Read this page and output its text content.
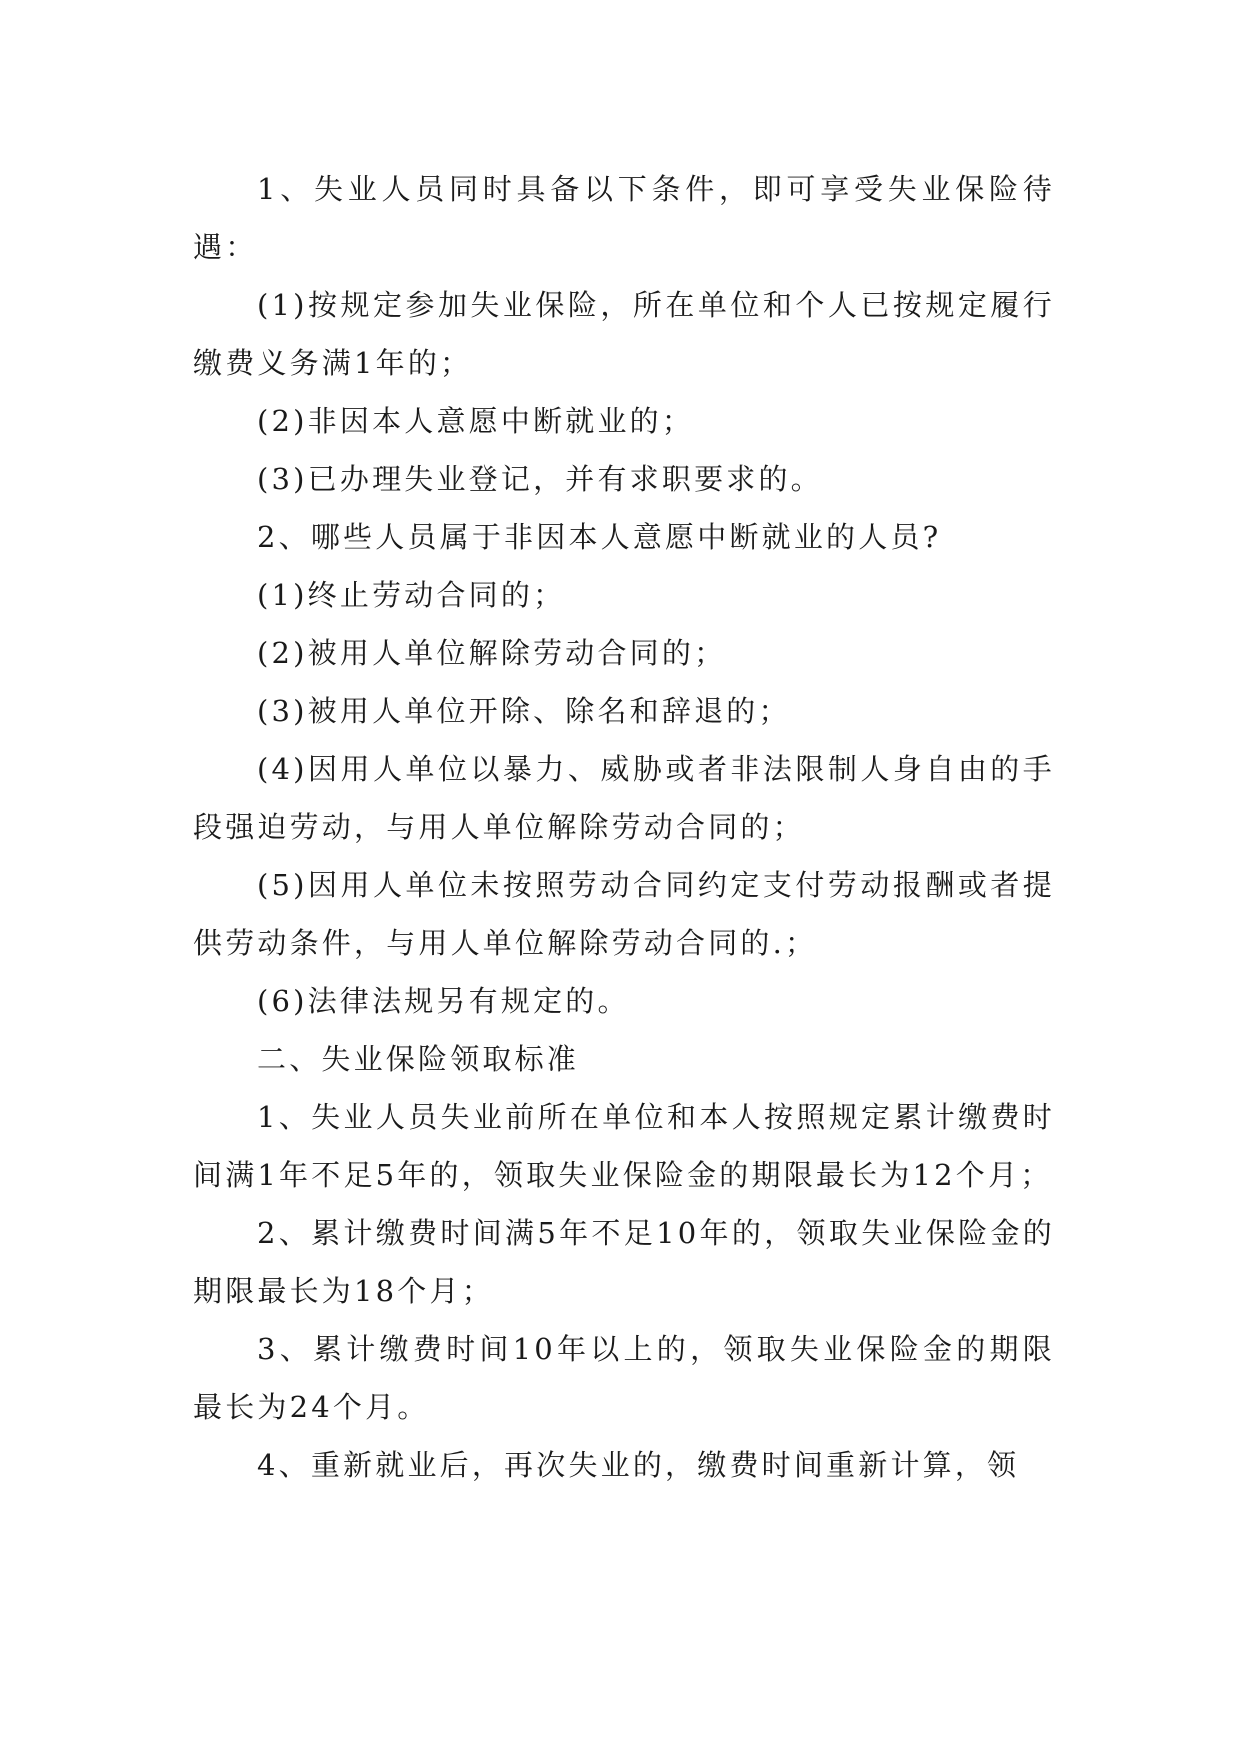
1、失业人员同时具备以下条件，即可享受失业保险待遇：

(1)按规定参加失业保险，所在单位和个人已按规定履行缴费义务满1年的；

(2)非因本人意愿中断就业的；

(3)已办理失业登记，并有求职要求的。

2、哪些人员属于非因本人意愿中断就业的人员?

(1)终止劳动合同的；

(2)被用人单位解除劳动合同的；

(3)被用人单位开除、除名和辞退的；

(4)因用人单位以暴力、威胁或者非法限制人身自由的手段强迫劳动，与用人单位解除劳动合同的；

(5)因用人单位未按照劳动合同约定支付劳动报酬或者提供劳动条件，与用人单位解除劳动合同的.；

(6)法律法规另有规定的。

二、失业保险领取标准

1、失业人员失业前所在单位和本人按照规定累计缴费时间满1年不足5年的，领取失业保险金的期限最长为12个月；

2、累计缴费时间满5年不足10年的，领取失业保险金的期限最长为18个月；

3、累计缴费时间10年以上的，领取失业保险金的期限最长为24个月。

4、重新就业后，再次失业的，缴费时间重新计算，领
